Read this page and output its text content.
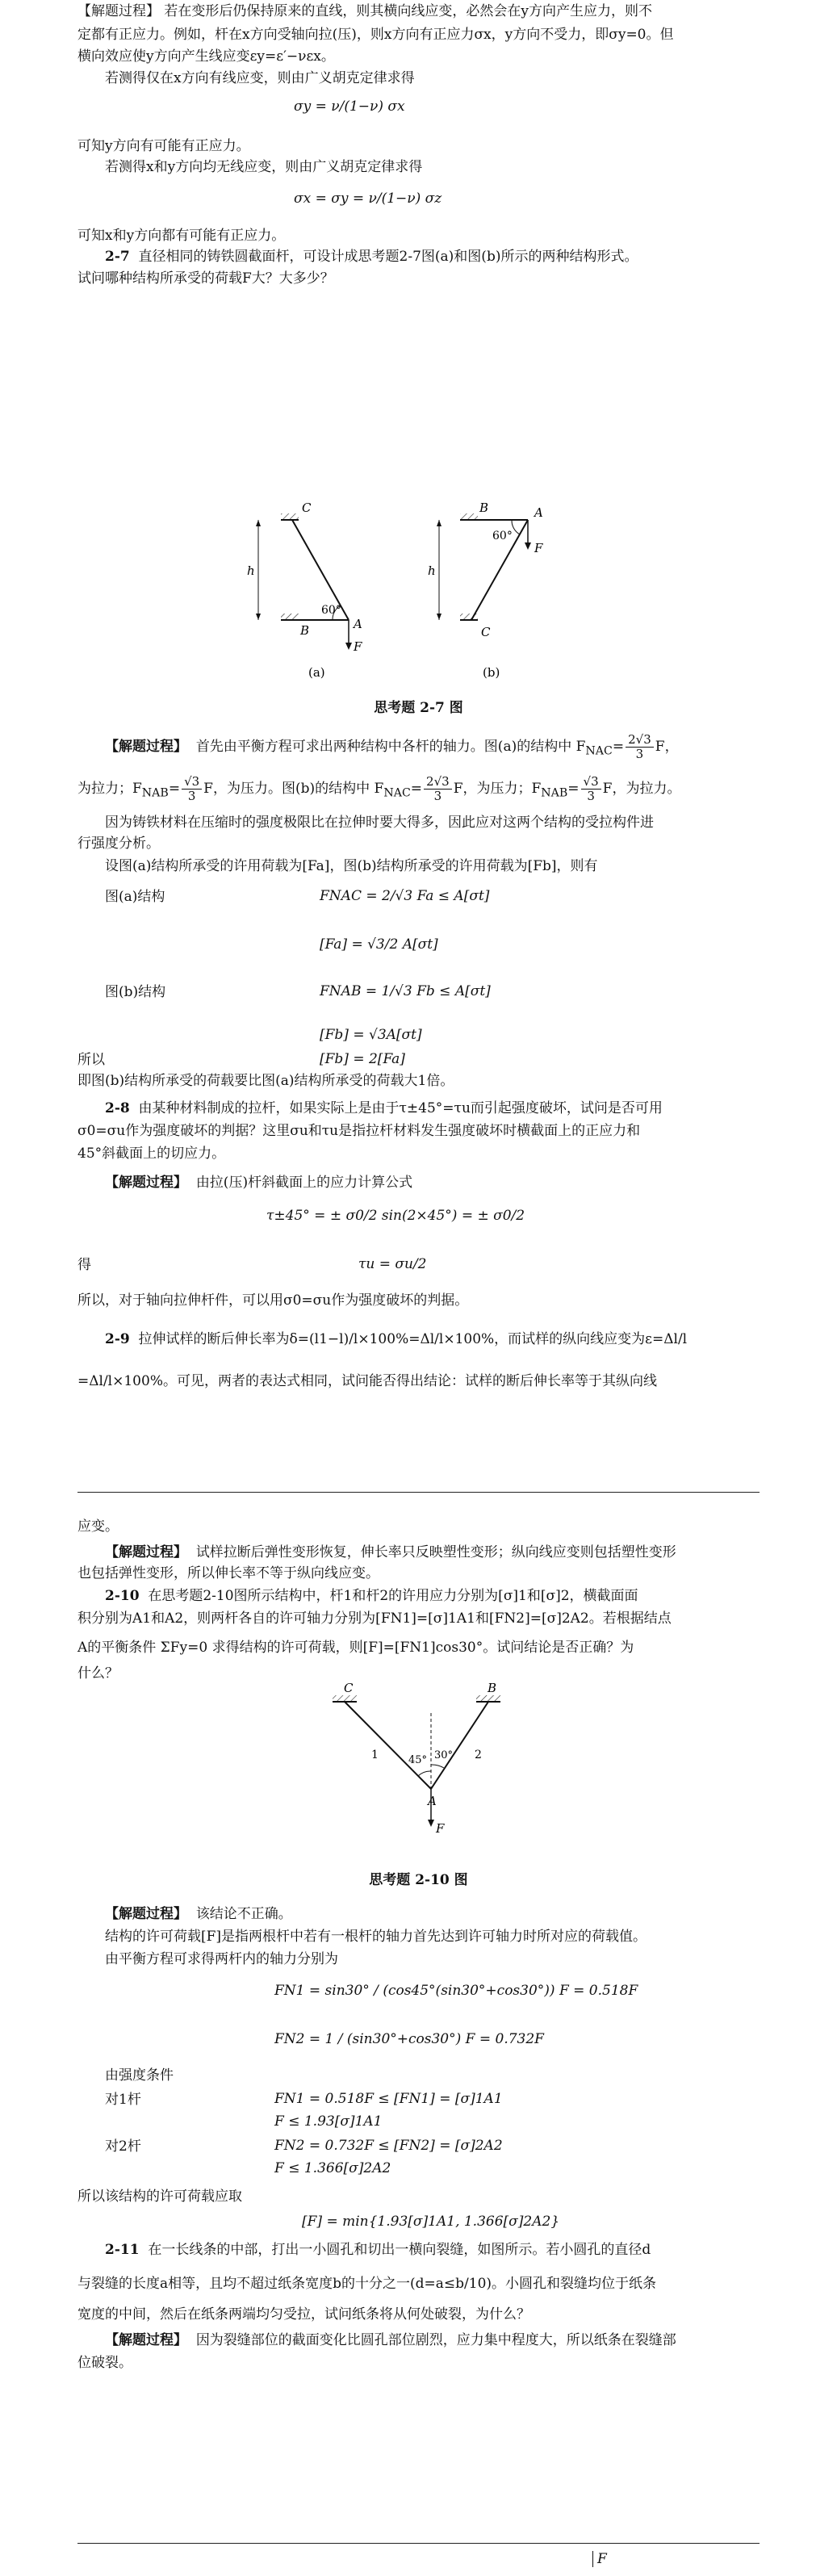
【解题过程】 若在变形后仍保持原来的直线，则其横向线应变，必然会在y方向产生应力，则不
定都有正应力。例如，杆在x方向受轴向拉(压)，则x方向有正应力σx，y方向不受力，即σy=0。但
横向效应使y方向产生线应变εy=ε′−νεx。
若测得仅在x方向有线应变，则由广义胡克定律求得
σy = ν/(1−ν) σx
可知y方向有可能有正应力。
若测得x和y方向均无线应变，则由广义胡克定律求得
σx = σy = ν/(1−ν) σz
可知x和y方向都有可能有正应力。
2-7 直径相同的铸铁圆截面杆，可设计成思考题2-7图(a)和图(b)所示的两种结构形式。
试问哪种结构所承受的荷载F大？大多少？
C
B	A
h
60°
F
(a)
B	A
C
h
60°
F
(b)
思考题 2-7 图
【解题过程】 首先由平衡方程可求出两种结构中各杆的轴力。图(a)的结构中 $F_{NAC}= \frac{2√3}{3}$ F，
为拉力；$F_{NAB}= \frac{√3}{3}$ F，为压力。图(b)的结构中 $F_{NAC}= \frac{2√3}{3}$ F，为压力；$F_{NAB}= \frac{√3}{3}$ F，为拉力。
因为铸铁材料在压缩时的强度极限比在拉伸时要大得多，因此应对这两个结构的受拉构件进
行强度分析。
设图(a)结构所承受的许用荷载为[Fa]，图(b)结构所承受的许用荷载为[Fb]，则有
图(a)结构	FNAC = 2/√3 Fa ≤ A[σt]
[Fa] = √3/2 A[σt]
图(b)结构	FNAB = 1/√3 Fb ≤ A[σt]
[Fb] = √3A[σt]
所以	[Fb] = 2[Fa]
即图(b)结构所承受的荷载要比图(a)结构所承受的荷载大1倍。
2-8 由某种材料制成的拉杆，如果实际上是由于τ±45°=τu而引起强度破坏，试问是否可用
σ0=σu作为强度破坏的判据？这里σu和τu是指拉杆材料发生强度破坏时横截面上的正应力和
45°斜截面上的切应力。
【解题过程】 由拉(压)杆斜截面上的应力计算公式
τ±45° = ± σ0/2 sin(2×45°) = ± σ0/2
得	τu = σu/2
所以，对于轴向拉伸杆件，可以用σ0=σu作为强度破坏的判据。
2-9 拉伸试样的断后伸长率为δ=(l1−l)/l×100%=Δl/l×100%，而试样的纵向线应变为ε=Δl/l
=Δl/l×100%。可见，两者的表达式相同，试问能否得出结论：试样的断后伸长率等于其纵向线
应变。
【解题过程】 试样拉断后弹性变形恢复，伸长率只反映塑性变形；纵向线应变则包括塑性变形
也包括弹性变形，所以伸长率不等于纵向线应变。
2-10 在思考题2-10图所示结构中，杆1和杆2的许用应力分别为[σ]1和[σ]2，横截面面
积分别为A1和A2，则两杆各自的许可轴力分别为[FN1]=[σ]1A1和[FN2]=[σ]2A2。若根据结点
A的平衡条件 ΣFy=0 求得结构的许可荷载，则[F]=[FN1]cos30°。试问结论是否正确？为
什么？
C	B
A
1	2
45° 30°
F
思考题 2-10 图
【解题过程】 该结论不正确。
结构的许可荷载[F]是指两根杆中若有一根杆的轴力首先达到许可轴力时所对应的荷载值。
由平衡方程可求得两杆内的轴力分别为
FN1 = sin30° / (cos45°(sin30°+cos30°)) F = 0.518F
FN2 = 1 / (sin30°+cos30°) F = 0.732F
由强度条件
对1杆	FN1 = 0.518F ≤ [FN1] = [σ]1A1
F ≤ 1.93[σ]1A1
对2杆	FN2 = 0.732F ≤ [FN2] = [σ]2A2
F ≤ 1.366[σ]2A2
所以该结构的许可荷载应取
[F] = min{1.93[σ]1A1, 1.366[σ]2A2}
2-11 在一长线条的中部，打出一小圆孔和切出一横向裂缝，如图所示。若小圆孔的直径d
与裂缝的长度a相等，且均不超过纸条宽度b的十分之一(d=a≤b/10)。小圆孔和裂缝均位于纸条
宽度的中间，然后在纸条两端均匀受拉，试问纸条将从何处破裂，为什么？
【解题过程】 因为裂缝部位的截面变化比圆孔部位剧烈，应力集中程度大，所以纸条在裂缝部
位破裂。
F
